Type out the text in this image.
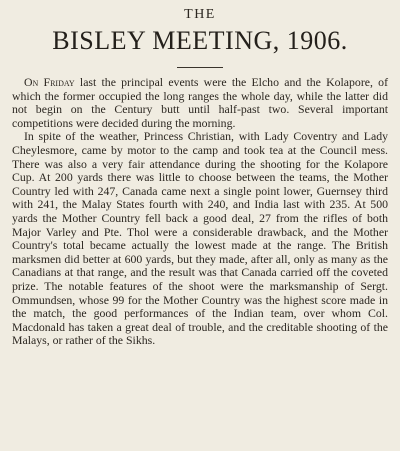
THE
BISLEY MEETING, 1906.

On Friday last the principal events were the Elcho and the Kolapore, of which the former occupied the long ranges the whole day, while the latter did not begin on the Century butt until half-past two. Several important competitions were decided during the morning.

In spite of the weather, Princess Christian, with Lady Coventry and Lady Cheylesmore, came by motor to the camp and took tea at the Council mess. There was also a very fair attendance during the shooting for the Kolapore Cup. At 200 yards there was little to choose between the teams, the Mother Country led with 247, Canada came next a single point lower, Guernsey third with 241, the Malay States fourth with 240, and India last with 235. At 500 yards the Mother Country fell back a good deal, 27 from the rifles of both Major Varley and Pte. Thol were a considerable drawback, and the Mother Country's total became actually the lowest made at the range. The British marksmen did better at 600 yards, but they made, after all, only as many as the Canadians at that range, and the result was that Canada carried off the coveted prize. The notable features of the shoot were the marksmanship of Sergt. Ommundsen, whose 99 for the Mother Country was the highest score made in the match, the good performances of the Indian team, over whom Col. Macdonald has taken a great deal of trouble, and the creditable shooting of the Malays, or rather of the Sikhs.
